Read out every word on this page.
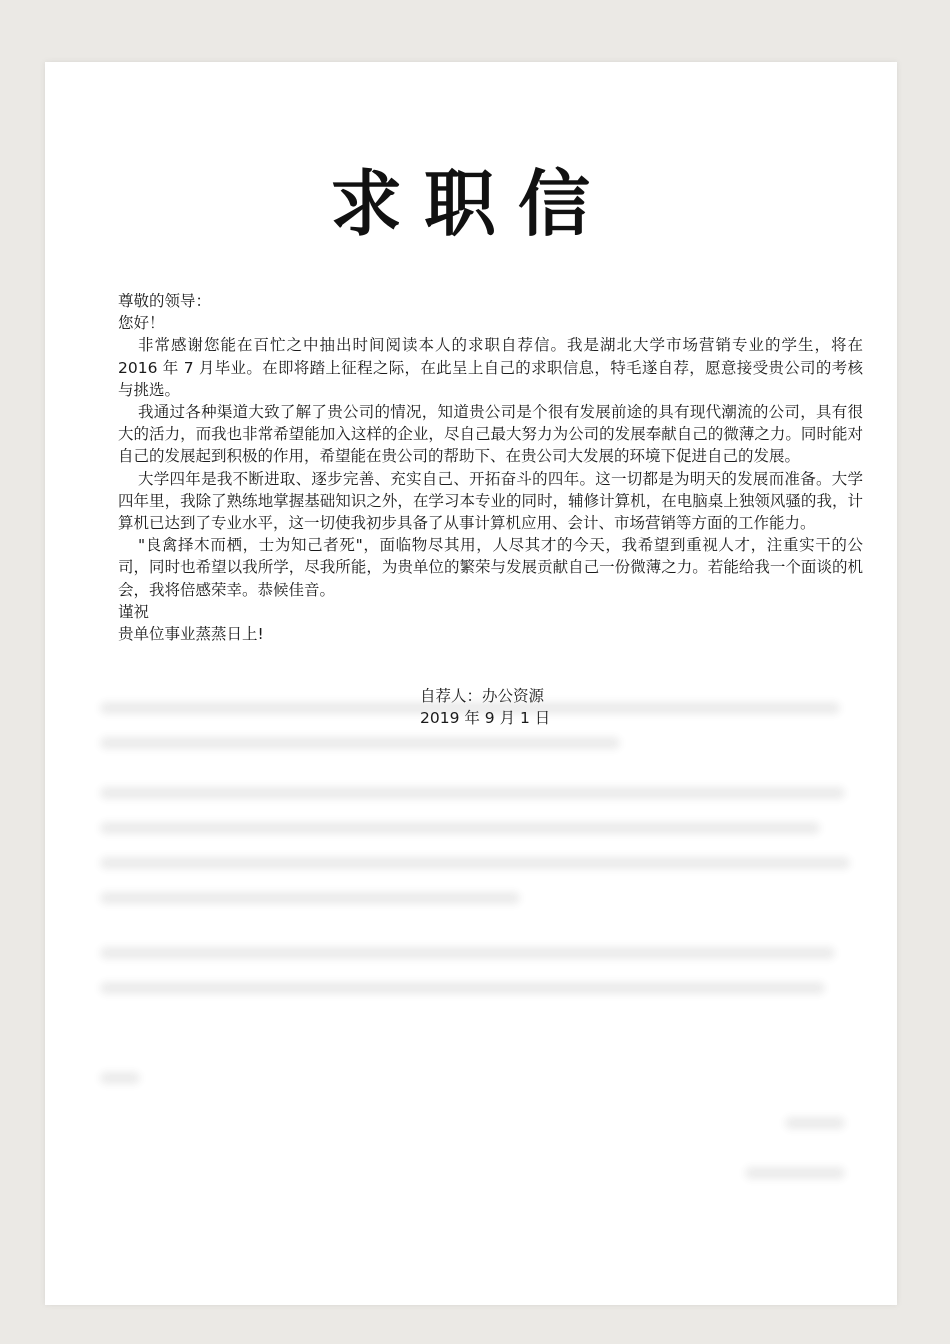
求职信

尊敬的领导：

您好！

非常感谢您能在百忙之中抽出时间阅读本人的求职自荐信。我是湖北大学市场营销专业的学生，将在 2016 年 7 月毕业。在即将踏上征程之际，在此呈上自己的求职信息，特毛遂自荐，愿意接受贵公司的考核与挑选。

我通过各种渠道大致了解了贵公司的情况，知道贵公司是个很有发展前途的具有现代潮流的公司，具有很大的活力，而我也非常希望能加入这样的企业，尽自己最大努力为公司的发展奉献自己的微薄之力。同时能对自己的发展起到积极的作用，希望能在贵公司的帮助下、在贵公司大发展的环境下促进自己的发展。

大学四年是我不断进取、逐步完善、充实自己、开拓奋斗的四年。这一切都是为明天的发展而准备。大学四年里，我除了熟练地掌握基础知识之外，在学习本专业的同时，辅修计算机，在电脑桌上独领风骚的我，计算机已达到了专业水平，这一切使我初步具备了从事计算机应用、会计、市场营销等方面的工作能力。

"良禽择木而栖，士为知己者死"，面临物尽其用，人尽其才的今天，我希望到重视人才，注重实干的公司，同时也希望以我所学，尽我所能，为贵单位的繁荣与发展贡献自己一份微薄之力。若能给我一个面谈的机会，我将倍感荣幸。恭候佳音。

谨祝

贵单位事业蒸蒸日上!

自荐人：办公资源
2019 年 9 月 1 日
